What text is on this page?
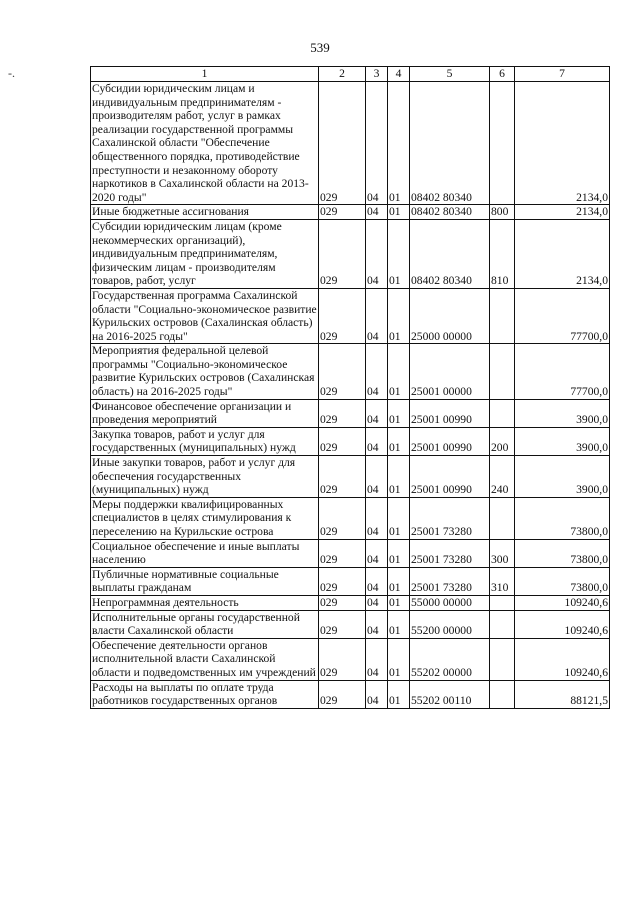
539
-.	1	2	3	4	5	6	7
Субсидии юридическим лицам и индивидуальным предпринимателям - производителям работ, услуг в рамках реализации государственной программы Сахалинской области "Обеспечение общественного порядка, противодействие преступности и незаконному обороту наркотиков в Сахалинской области на 2013-2020 годы"	029	04	01	08402 80340		2134,0
Иные бюджетные ассигнования	029	04	01	08402 80340	800	2134,0
Субсидии юридическим лицам (кроме некоммерческих организаций), индивидуальным предпринимателям, физическим лицам - производителям товаров, работ, услуг	029	04	01	08402 80340	810	2134,0
Государственная программа Сахалинской области "Социально-экономическое развитие Курильских островов (Сахалинская область) на 2016-2025 годы"	029	04	01	25000 00000		77700,0
Мероприятия федеральной целевой программы "Социально-экономическое развитие Курильских островов (Сахалинская область) на 2016-2025 годы"	029	04	01	25001 00000		77700,0
Финансовое обеспечение организации и проведения мероприятий	029	04	01	25001 00990		3900,0
Закупка товаров, работ и услуг для государственных (муниципальных) нужд	029	04	01	25001 00990	200	3900,0
Иные закупки товаров, работ и услуг для обеспечения государственных (муниципальных) нужд	029	04	01	25001 00990	240	3900,0
Меры поддержки квалифицированных специалистов в целях стимулирования к переселению на Курильские острова	029	04	01	25001 73280		73800,0
Социальное обеспечение и иные выплаты населению	029	04	01	25001 73280	300	73800,0
Публичные нормативные социальные выплаты гражданам	029	04	01	25001 73280	310	73800,0
Непрограммная деятельность	029	04	01	55000 00000		109240,6
Исполнительные органы государственной власти Сахалинской области	029	04	01	55200 00000		109240,6
Обеспечение деятельности органов исполнительной власти Сахалинской области и подведомственных им учреждений	029	04	01	55202 00000		109240,6
Расходы на выплаты по оплате труда работников государственных органов	029	04	01	55202 00110		88121,5
